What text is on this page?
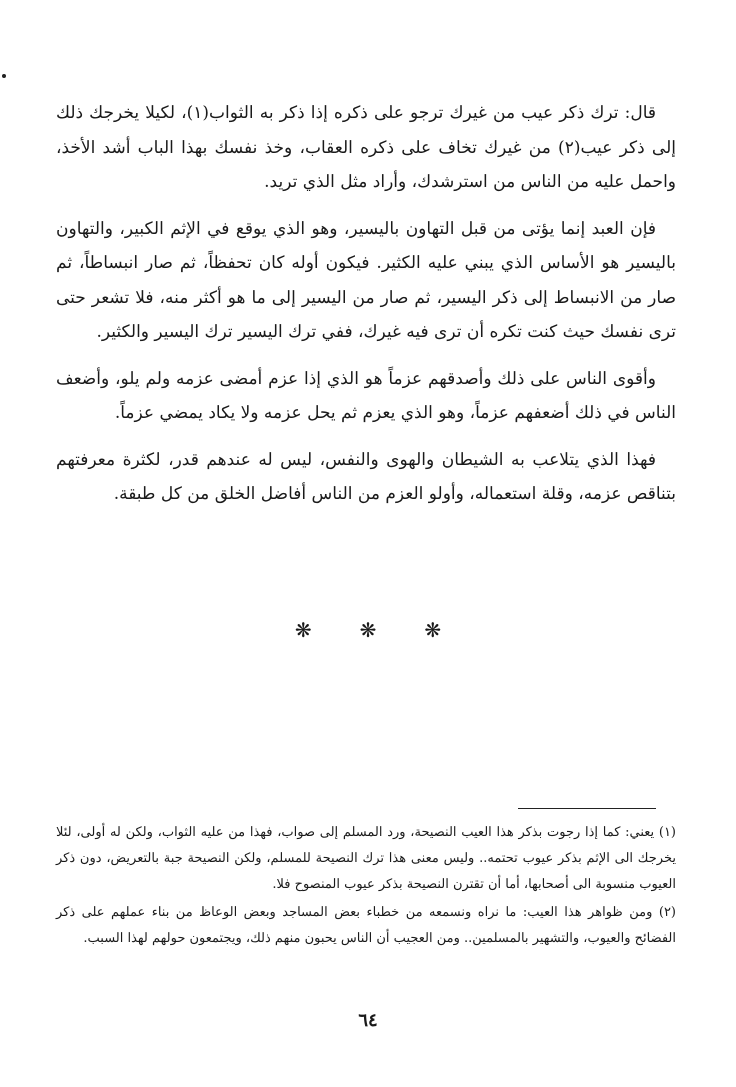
قال: ترك ذكر عيب من غيرك ترجو على ذكره إذا ذكر به الثواب(١)، لكيلا يخرجك ذلك إلى ذكر عيب(٢) من غيرك تخاف على ذكره العقاب، وخذ نفسك بهذا الباب أشد الأخذ، واحمل عليه من الناس من استرشدك، وأراد مثل الذي تريد.

فإن العبد إنما يؤتى من قبل التهاون باليسير، وهو الذي يوقع في الإثم الكبير، والتهاون باليسير هو الأساس الذي يبني عليه الكثير. فيكون أوله كان تحفظاً، ثم صار انبساطاً، ثم صار من الانبساط إلى ذكر اليسير، ثم صار من اليسير إلى ما هو أكثر منه، فلا تشعر حتى ترى نفسك حيث كنت تكره أن ترى فيه غيرك، ففي ترك اليسير ترك اليسير والكثير.

وأقوى الناس على ذلك وأصدقهم عزماً هو الذي إذا عزم أمضى عزمه ولم يلو، وأضعف الناس في ذلك أضعفهم عزماً، وهو الذي يعزم ثم يحل عزمه ولا يكاد يمضي عزماً.

فهذا الذي يتلاعب به الشيطان والهوى والنفس، ليس له عندهم قدر، لكثرة معرفتهم بتناقص عزمه، وقلة استعماله، وأولو العزم من الناس أفاضل الخلق من كل طبقة.

❋ ❋ ❋

(١) يعني: كما إذا رجوت بذكر هذا العيب النصيحة، ورد المسلم إلى صواب، فهذا من عليه الثواب، ولكن له أولى، لئلا يخرجك الى الإثم بذكر عيوب تحتمه.. وليس معنى هذا ترك النصيحة للمسلم، ولكن النصيحة جبة بالتعريض، دون ذكر العيوب منسوبة الى أصحابها، أما أن تقترن النصيحة بذكر عيوب المنصوح فلا.

(٢) ومن ظواهر هذا العيب: ما نراه ونسمعه من خطباء بعض المساجد وبعض الوعاظ من بناء عملهم على ذكر الفضائح والعيوب، والتشهير بالمسلمين.. ومن العجيب أن الناس يحبون منهم ذلك، ويجتمعون حولهم لهذا السبب.

٦٤
